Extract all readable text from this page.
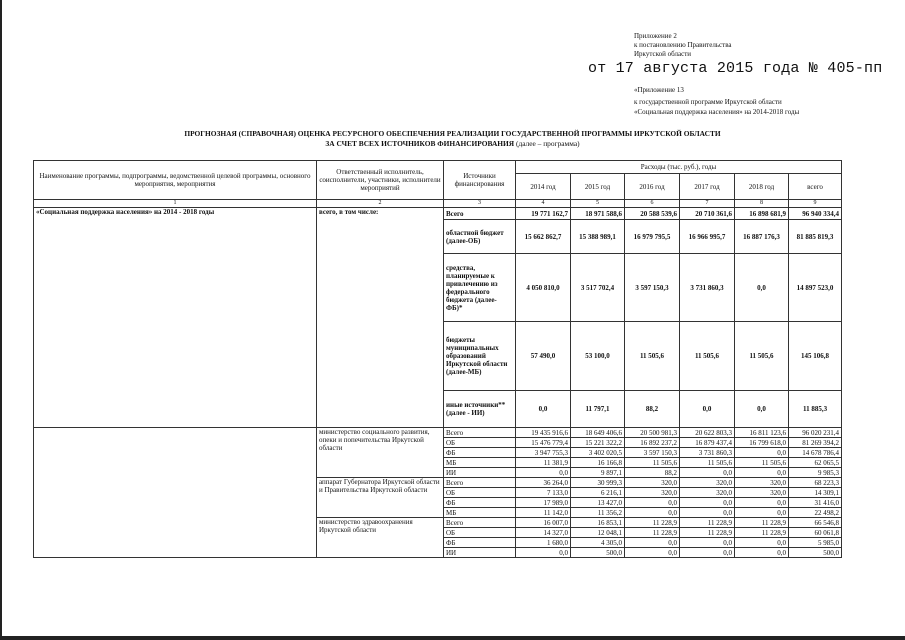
Приложение 2
к постановлению Правительства
Иркутской области
от 17 августа 2015 года № 405-пп
«Приложение 13
к государственной программе Иркутской области
«Социальная поддержка населения» на 2014-2018 годы
ПРОГНОЗНАЯ (СПРАВОЧНАЯ) ОЦЕНКА РЕСУРСНОГО ОБЕСПЕЧЕНИЯ РЕАЛИЗАЦИИ ГОСУДАРСТВЕННОЙ ПРОГРАММЫ ИРКУТСКОЙ ОБЛАСТИ
ЗА СЧЕТ ВСЕХ ИСТОЧНИКОВ ФИНАНСИРОВАНИЯ (далее – программа)
Наименование программы, подпрограммы, ведомственной целевой программы, основного мероприятия, мероприятия	Ответственный исполнитель, соисполнители, участники, исполнители мероприятий	Источники финансирования	Расходы (тыс. руб.), годы					
			2014 год	2015 год	2016 год	2017 год	2018 год	всего
1	2	3	4	5	6	7	8	9
«Социальная поддержка населения» на 2014 - 2018 годы	всего, в том числе:	Всего	19 771 162,7	18 971 588,6	20 588 539,6	20 710 361,6	16 898 681,9	96 940 334,4
		областной бюджет (далее-ОБ)	15 662 862,7	15 388 989,1	16 979 795,5	16 966 995,7	16 887 176,3	81 885 819,3
		средства, планируемые к привлечению из федерального бюджета (далее-ФБ)*	4 050 810,0	3 517 702,4	3 597 150,3	3 731 860,3	0,0	14 897 523,0
		бюджеты муниципальных образований Иркутской области (далее-МБ)	57 490,0	53 100,0	11 505,6	11 505,6	11 505,6	145 106,8
		иные источники** (далее - ИИ)	0,0	11 797,1	88,2	0,0	0,0	11 885,3
	министерство социального развития, опеки и попечительства Иркутской области	Всего	19 435 916,6	18 649 406,6	20 500 981,3	20 622 803,3	16 811 123,6	96 020 231,4
		ОБ	15 476 779,4	15 221 322,2	16 892 237,2	16 879 437,4	16 799 618,0	81 269 394,2
		ФБ	3 947 755,3	3 402 020,5	3 597 150,3	3 731 860,3	0,0	14 678 786,4
		МБ	11 381,9	16 166,8	11 505,6	11 505,6	11 505,6	62 065,5
		ИИ	0,0	9 897,1	88,2	0,0	0,0	9 985,3
	аппарат Губернатора Иркутской области и Правительства Иркутской области	Всего	36 264,0	30 999,3	320,0	320,0	320,0	68 223,3
		ОБ	7 133,0	6 216,1	320,0	320,0	320,0	14 309,1
		ФБ	17 989,0	13 427,0	0,0	0,0	0,0	31 416,0
		МБ	11 142,0	11 356,2	0,0	0,0	0,0	22 498,2
	министерство здравоохранения Иркутской области	Всего	16 007,0	16 853,1	11 228,9	11 228,9	11 228,9	66 546,8
		ОБ	14 327,0	12 048,1	11 228,9	11 228,9	11 228,9	60 061,8
		ФБ	1 680,0	4 305,0	0,0	0,0	0,0	5 985,0
		ИИ	0,0	500,0	0,0	0,0	0,0	500,0
